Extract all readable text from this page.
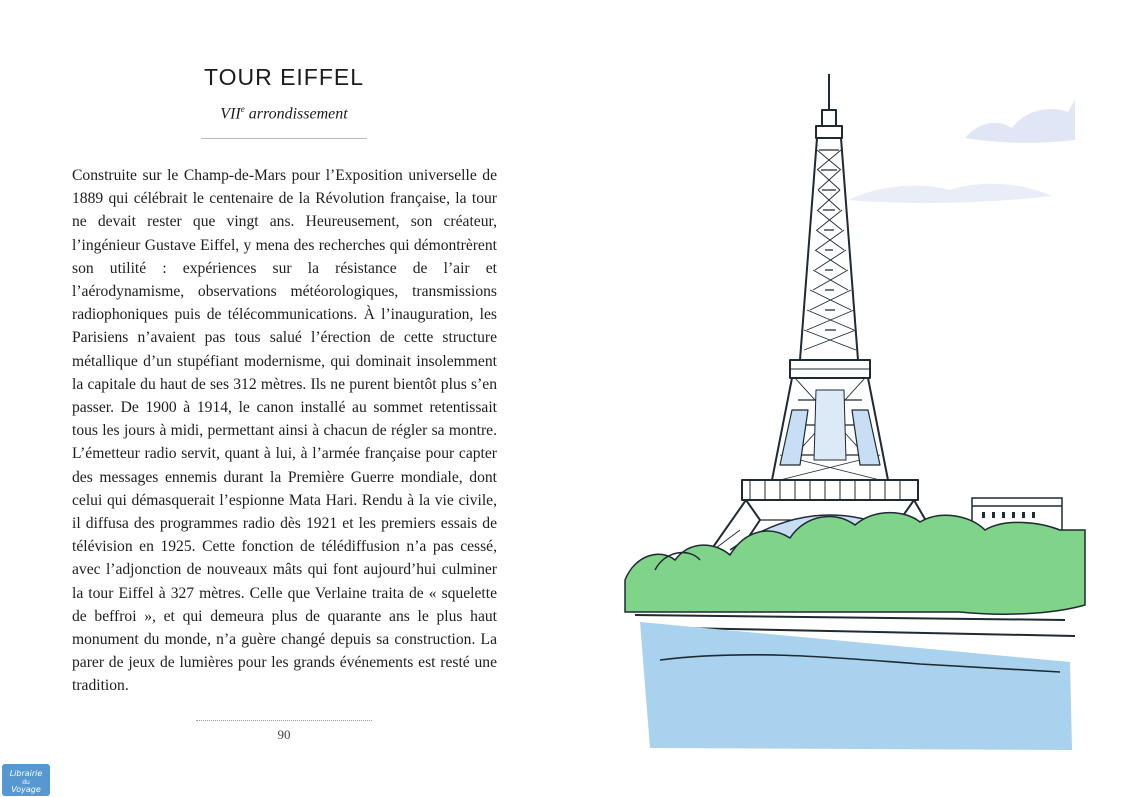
TOUR EIFFEL
VIIe arrondissement

Construite sur le Champ-de-Mars pour l’Exposition universelle de 1889 qui célébrait le centenaire de la Révolution française, la tour ne devait rester que vingt ans. Heureusement, son créateur, l’ingénieur Gustave Eiffel, y mena des recherches qui démontrèrent son utilité : expériences sur la résistance de l’air et l’aérodynamisme, observations météorologiques, transmissions radiophoniques puis de télécommunications. À l’inauguration, les Parisiens n’avaient pas tous salué l’érection de cette structure métallique d’un stupéfiant modernisme, qui dominait insolemment la capitale du haut de ses 312 mètres. Ils ne purent bientôt plus s’en passer. De 1900 à 1914, le canon installé au sommet retentissait tous les jours à midi, permettant ainsi à chacun de régler sa montre. L’émetteur radio servit, quant à lui, à l’armée française pour capter des messages ennemis durant la Première Guerre mondiale, dont celui qui démasquerait l’espionne Mata Hari. Rendu à la vie civile, il diffusa des programmes radio dès 1921 et les premiers essais de télévision en 1925. Cette fonction de télédiffusion n’a pas cessé, avec l’adjonction de nouveaux mâts qui font aujourd’hui culminer la tour Eiffel à 327 mètres. Celle que Verlaine traita de « squelette de beffroi », et qui demeura plus de quarante ans le plus haut monument du monde, n’a guère changé depuis sa construction. La parer de jeux de lumières pour les grands événements est resté une tradition.

90
Librairie
du
Voyage
